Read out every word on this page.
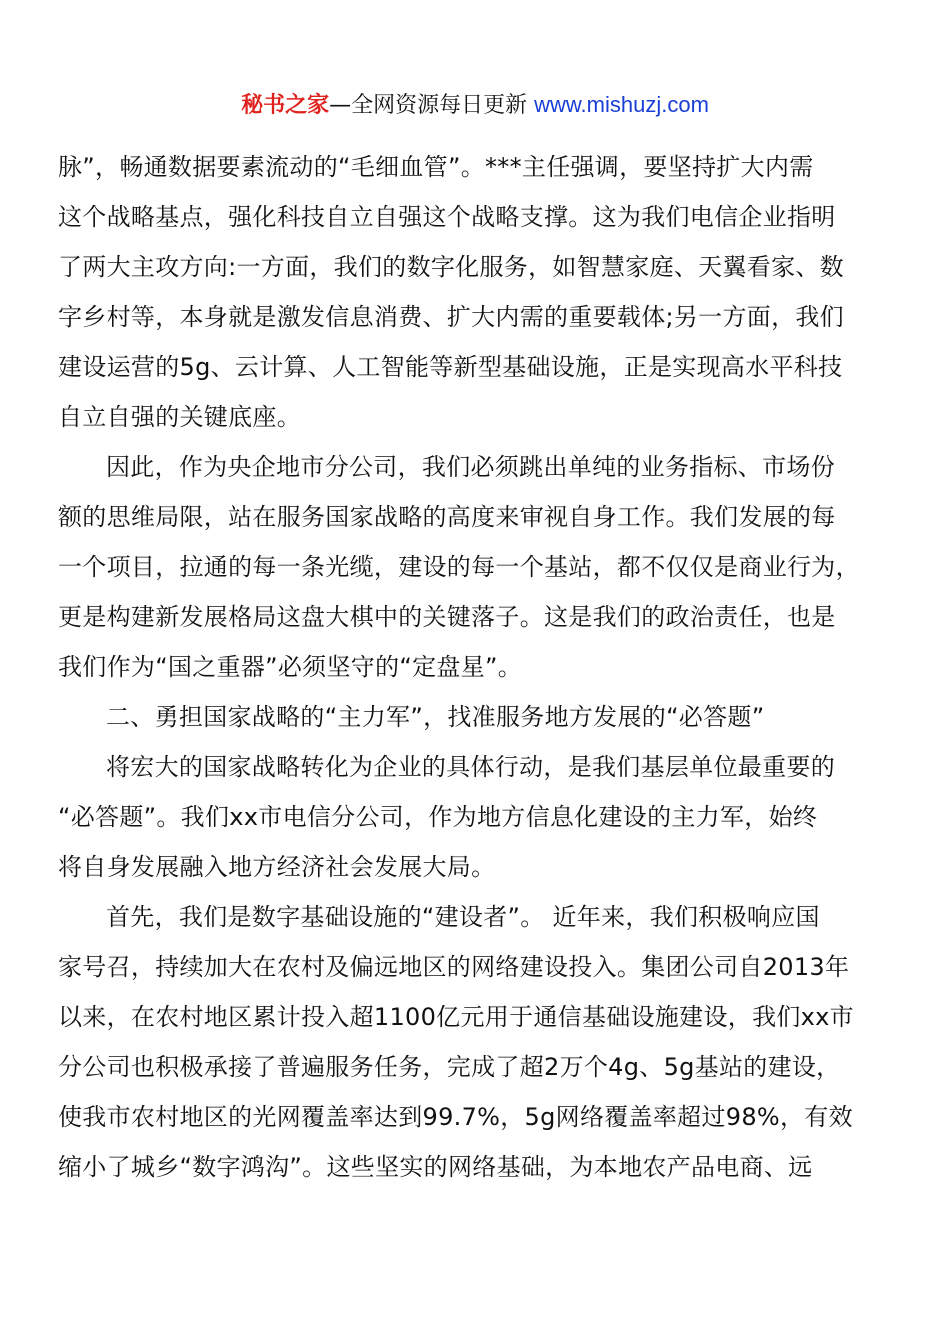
秘书之家—全网资源每日更新 www.mishuzj.com
脉”，畅通数据要素流动的“毛细血管”。***主任强调，要坚持扩大内需
这个战略基点，强化科技自立自强这个战略支撑。这为我们电信企业指明
了两大主攻方向:一方面，我们的数字化服务，如智慧家庭、天翼看家、数
字乡村等，本身就是激发信息消费、扩大内需的重要载体;另一方面，我们
建设运营的5g、云计算、人工智能等新型基础设施，正是实现高水平科技
自立自强的关键底座。
因此，作为央企地市分公司，我们必须跳出单纯的业务指标、市场份
额的思维局限，站在服务国家战略的高度来审视自身工作。我们发展的每
一个项目，拉通的每一条光缆，建设的每一个基站，都不仅仅是商业行为，
更是构建新发展格局这盘大棋中的关键落子。这是我们的政治责任，也是
我们作为“国之重器”必须坚守的“定盘星”。
二、勇担国家战略的“主力军”，找准服务地方发展的“必答题”
将宏大的国家战略转化为企业的具体行动，是我们基层单位最重要的
“必答题”。我们xx市电信分公司，作为地方信息化建设的主力军，始终
将自身发展融入地方经济社会发展大局。
首先，我们是数字基础设施的“建设者”。 近年来，我们积极响应国
家号召，持续加大在农村及偏远地区的网络建设投入。集团公司自2013年
以来，在农村地区累计投入超1100亿元用于通信基础设施建设，我们xx市
分公司也积极承接了普遍服务任务，完成了超2万个4g、5g基站的建设，
使我市农村地区的光网覆盖率达到99.7%，5g网络覆盖率超过98%，有效
缩小了城乡“数字鸿沟”。这些坚实的网络基础，为本地农产品电商、远
